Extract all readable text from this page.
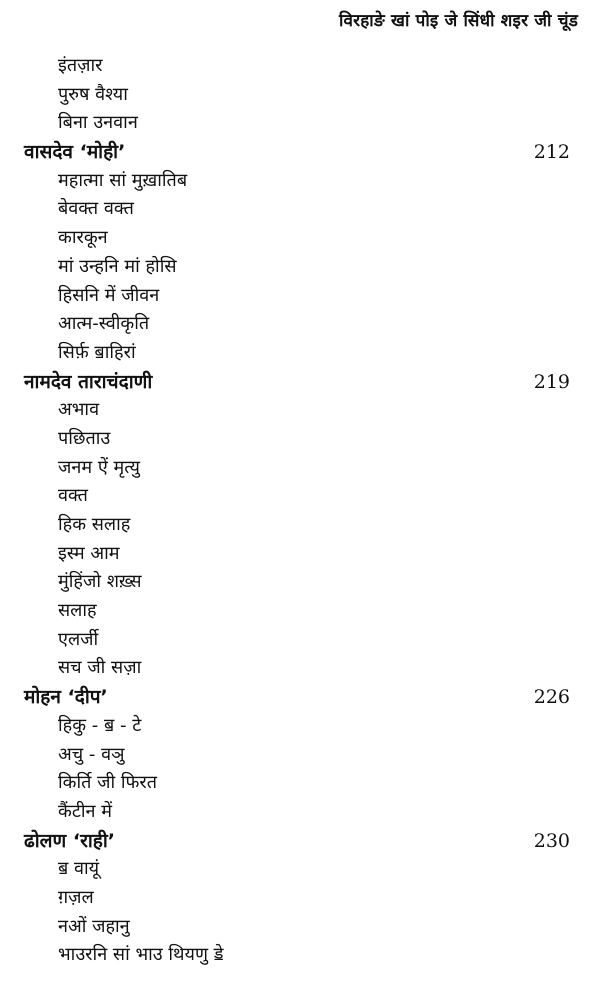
विरहाङे खां पोइ जे सिंधी शइर जी चूंड
इंतज़ार
पुरुष वैश्या
बिना उनवान
वासदेव ‘मोही’	212
महात्मा सां मुख़ातिब
बेवक्त वक्त
कारकून
मां उन्हनि मां होसि
हिसनि में जीवन
आत्म-स्वीकृति
सिर्फ़ ॿाहिरां
नामदेव ताराचंदाणी	219
अभाव
पछिताउ
जनम ऐं मृत्यु
वक्त
हिक सलाह
इस्म आम
मुंहिंजो शख़्स
सलाह
एलर्जी
सच जी सज़ा
मोहन ‘दीप’	226
हिकु - ॿ - टे
अचु - वञु
किर्ति जी फिरत
कैंटीन में
ढोलण ‘राही’	230
ॿ वायूं
ग़ज़ल
नओं जहानु
भाउरनि सां भाउ थियणु ॾे
